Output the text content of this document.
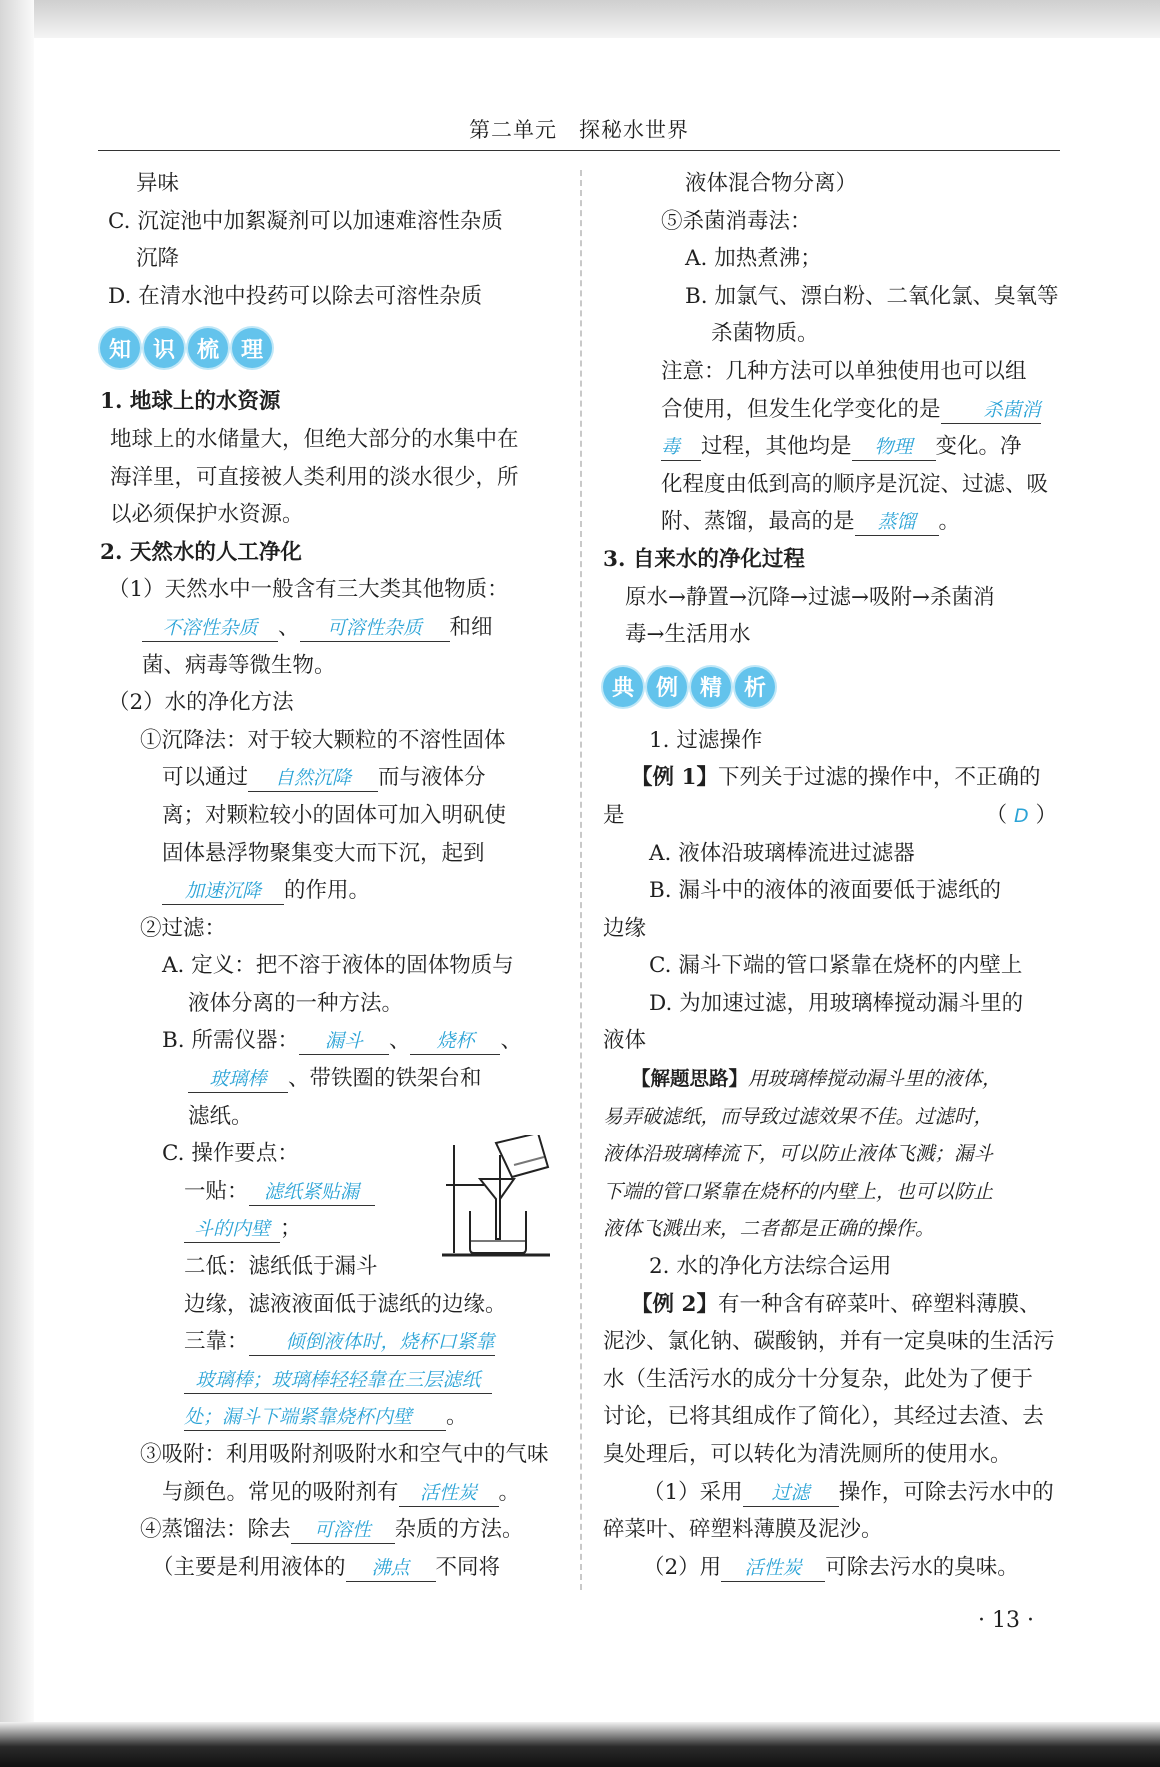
第二单元　探秘水世界
异味
C. 沉淀池中加絮凝剂可以加速难溶性杂质
沉降
D. 在清水池中投药可以除去可溶性杂质
知 识 梳 理
1. 地球上的水资源
地球上的水储量大，但绝大部分的水集中在
海洋里，可直接被人类利用的淡水很少，所
以必须保护水资源。
2. 天然水的人工净化
（1）天然水中一般含有三大类其他物质：
不溶性杂质 、 可溶性杂质 和细
菌、病毒等微生物。
（2）水的净化方法
①沉降法：对于较大颗粒的不溶性固体
可以通过 自然沉降 而与液体分
离；对颗粒较小的固体可加入明矾使
固体悬浮物聚集变大而下沉，起到
加速沉降 的作用。
②过滤：
A. 定义：把不溶于液体的固体物质与
液体分离的一种方法。
B. 所需仪器： 漏斗 、 烧杯 、
玻璃棒 、带铁圈的铁架台和
滤纸。
C. 操作要点：
一贴： 滤纸紧贴漏
斗的内壁 ；
二低：滤纸低于漏斗
边缘，滤液液面低于滤纸的边缘。
三靠： 倾倒液体时，烧杯口紧靠
玻璃棒；玻璃棒轻轻靠在三层滤纸
处；漏斗下端紧靠烧杯内壁 。
③吸附：利用吸附剂吸附水和空气中的气味
与颜色。常见的吸附剂有 活性炭 。
④蒸馏法：除去 可溶性 杂质的方法。
（主要是利用液体的 沸点 不同将
液体混合物分离）
⑤杀菌消毒法：
A. 加热煮沸；
B. 加氯气、漂白粉、二氧化氯、臭氧等
杀菌物质。
注意：几种方法可以单独使用也可以组
合使用，但发生化学变化的是 杀菌消
毒 过程，其他均是 物理 变化。净
化程度由低到高的顺序是沉淀、过滤、吸
附、蒸馏，最高的是 蒸馏 。
3. 自来水的净化过程
原水→静置→沉降→过滤→吸附→杀菌消
毒→生活用水
典 例 精 析
1. 过滤操作
【例 1】下列关于过滤的操作中，不正确的
是	（ D ）
A. 液体沿玻璃棒流进过滤器
B. 漏斗中的液体的液面要低于滤纸的
边缘
C. 漏斗下端的管口紧靠在烧杯的内壁上
D. 为加速过滤，用玻璃棒搅动漏斗里的
液体
【解题思路】用玻璃棒搅动漏斗里的液体，
易弄破滤纸，而导致过滤效果不佳。过滤时，
液体沿玻璃棒流下，可以防止液体飞溅；漏斗
下端的管口紧靠在烧杯的内壁上，也可以防止
液体飞溅出来，二者都是正确的操作。
2. 水的净化方法综合运用
【例 2】有一种含有碎菜叶、碎塑料薄膜、
泥沙、氯化钠、碳酸钠，并有一定臭味的生活污
水（生活污水的成分十分复杂，此处为了便于
讨论，已将其组成作了简化），其经过去渣、去
臭处理后，可以转化为清洗厕所的使用水。
（1）采用 过滤 操作，可除去污水中的
碎菜叶、碎塑料薄膜及泥沙。
（2）用 活性炭 可除去污水的臭味。
· 13 ·
